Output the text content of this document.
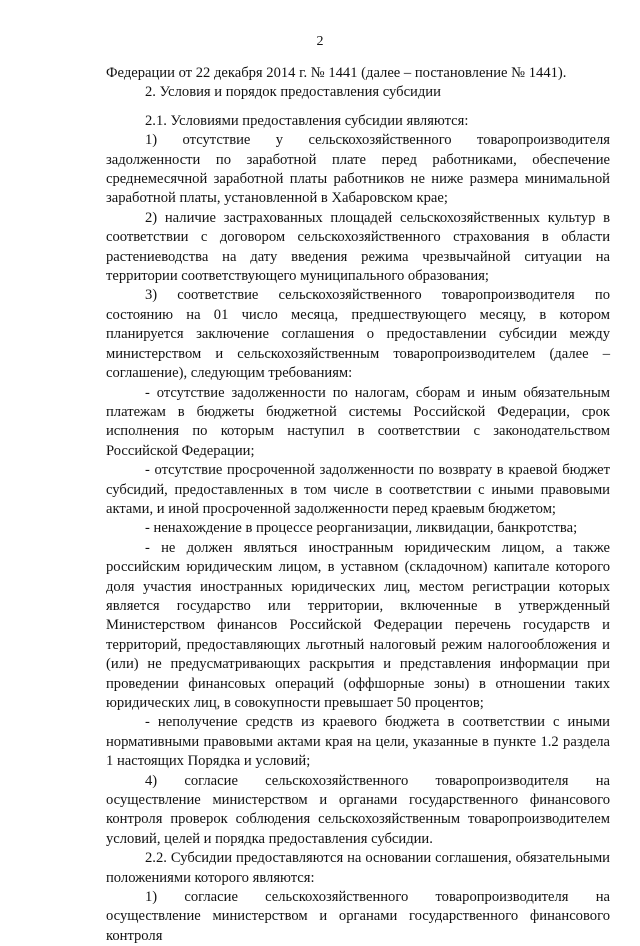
2

Федерации от 22 декабря 2014 г. № 1441 (далее – постановление № 1441).

2. Условия и порядок предоставления субсидии

2.1. Условиями предоставления субсидии являются:

1) отсутствие у сельскохозяйственного товаропроизводителя задолженности по заработной плате перед работниками, обеспечение среднемесячной заработной платы работников не ниже размера минимальной заработной платы, установленной в Хабаровском крае;

2) наличие застрахованных площадей сельскохозяйственных культур в соответствии с договором сельскохозяйственного страхования в области растениеводства на дату введения режима чрезвычайной ситуации на территории соответствующего муниципального образования;

3) соответствие сельскохозяйственного товаропроизводителя по состоянию на 01 число месяца, предшествующего месяцу, в котором планируется заключение соглашения о предоставлении субсидии между министерством и сельскохозяйственным товаропроизводителем (далее – соглашение), следующим требованиям:

- отсутствие задолженности по налогам, сборам и иным обязательным платежам в бюджеты бюджетной системы Российской Федерации, срок исполнения по которым наступил в соответствии с законодательством Российской Федерации;

- отсутствие просроченной задолженности по возврату в краевой бюджет субсидий, предоставленных в том числе в соответствии с иными правовыми актами, и иной просроченной задолженности перед краевым бюджетом;

- ненахождение в процессе реорганизации, ликвидации, банкротства;

- не должен являться иностранным юридическим лицом, а также российским юридическим лицом, в уставном (складочном) капитале которого доля участия иностранных юридических лиц, местом регистрации которых является государство или территории, включенные в утвержденный Министерством финансов Российской Федерации перечень государств и территорий, предоставляющих льготный налоговый режим налогообложения и (или) не предусматривающих раскрытия и представления информации при проведении финансовых операций (оффшорные зоны) в отношении таких юридических лиц, в совокупности превышает 50 процентов;

- неполучение средств из краевого бюджета в соответствии с иными нормативными правовыми актами края на цели, указанные в пункте 1.2 раздела 1 настоящих Порядка и условий;

4) согласие сельскохозяйственного товаропроизводителя на осуществление министерством и органами государственного финансового контроля проверок соблюдения сельскохозяйственным товаропроизводителем условий, целей и порядка предоставления субсидии.

2.2. Субсидии предоставляются на основании соглашения, обязательными положениями которого являются:

1) согласие сельскохозяйственного товаропроизводителя на осуществление министерством и органами государственного финансового контроля
